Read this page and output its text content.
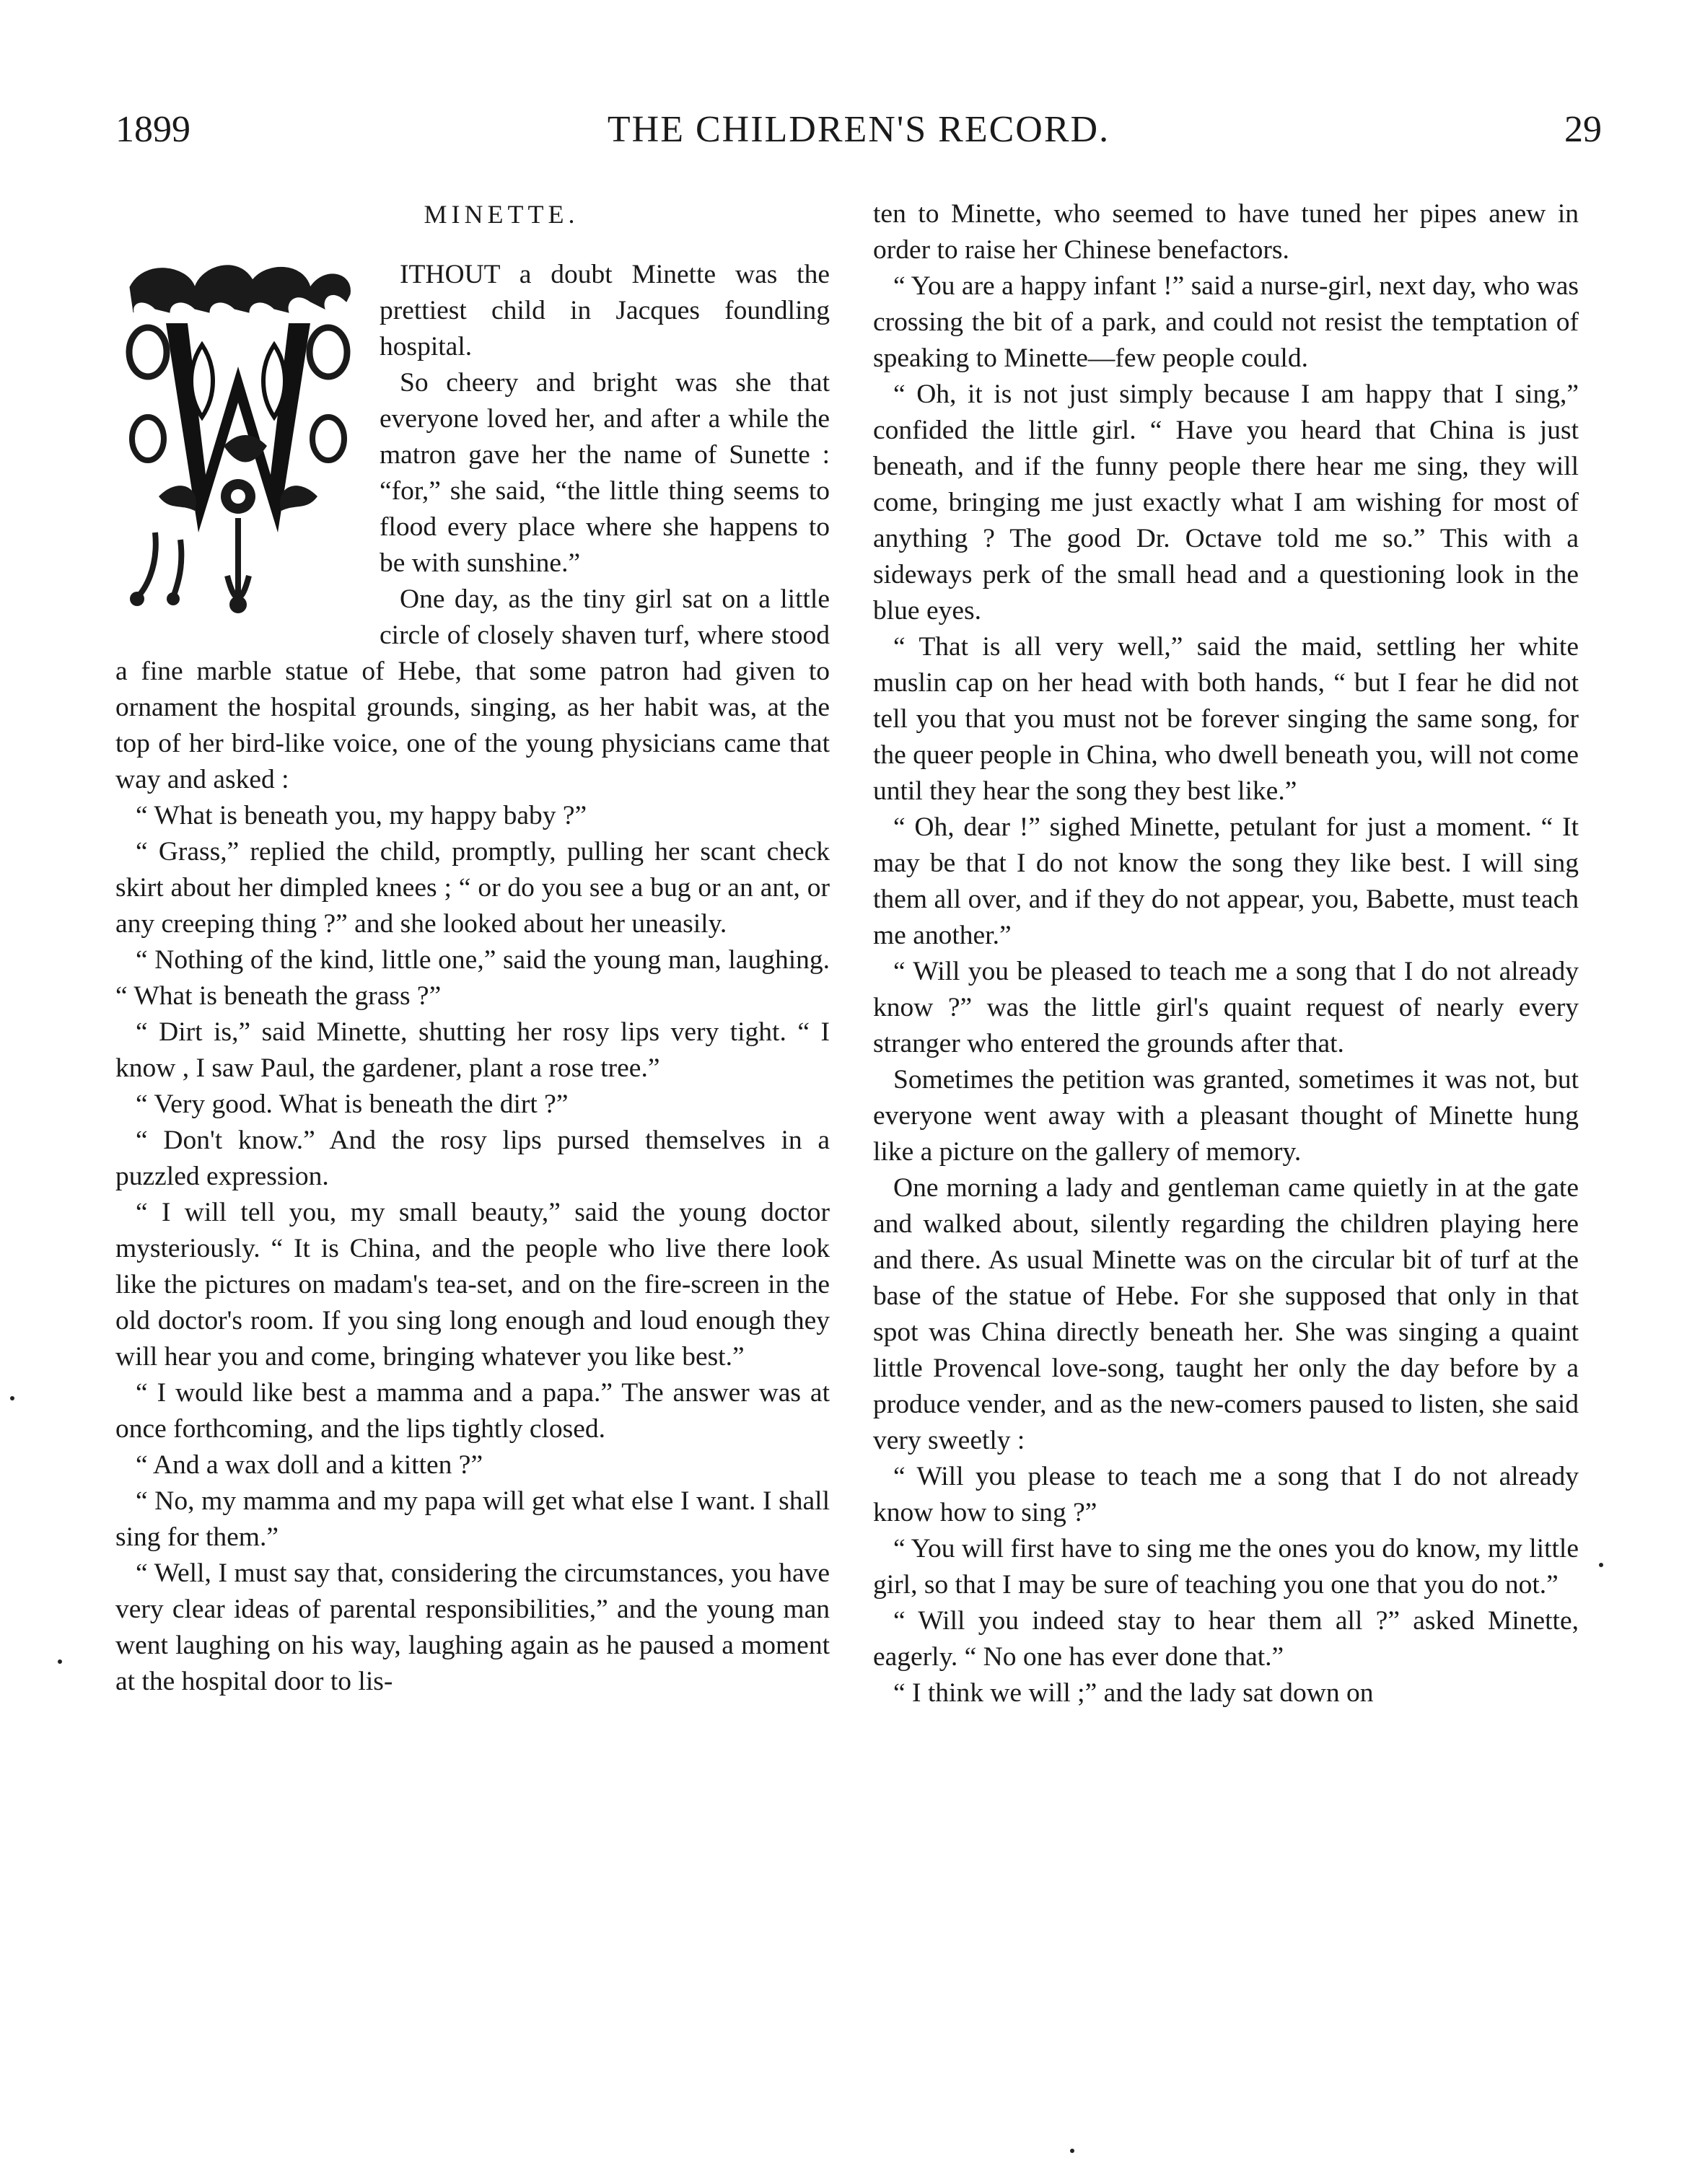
1899	THE CHILDREN'S RECORD.	29
MINETTE.

ITHOUT a doubt Minette was the prettiest child in Jacques foundling hospital.

So cheery and bright was she that everyone loved her, and after a while the matron gave her the name of Sunette : “for,” she said, “the little thing seems to flood every place where she happens to be with sunshine.”

One day, as the tiny girl sat on a little circle of closely shaven turf, where stood a fine marble statue of Hebe, that some patron had given to ornament the hospital grounds, singing, as her habit was, at the top of her bird-like voice, one of the young physicians came that way and asked :

“ What is beneath you, my happy baby ?”

“ Grass,” replied the child, promptly, pulling her scant check skirt about her dimpled knees ; “ or do you see a bug or an ant, or any creeping thing ?” and she looked about her uneasily.

“ Nothing of the kind, little one,” said the young man, laughing. “ What is beneath the grass ?”

“ Dirt is,” said Minette, shutting her rosy lips very tight. “ I know , I saw Paul, the gardener, plant a rose tree.”

“ Very good. What is beneath the dirt ?”

“ Don't know.” And the rosy lips pursed themselves in a puzzled expression.

“ I will tell you, my small beauty,” said the young doctor mysteriously. “ It is China, and the people who live there look like the pictures on madam's tea-set, and on the fire-screen in the old doctor's room. If you sing long enough and loud enough they will hear you and come, bringing whatever you like best.”

“ I would like best a mamma and a papa.” The answer was at once forthcoming, and the lips tightly closed.

“ And a wax doll and a kitten ?”

“ No, my mamma and my papa will get what else I want. I shall sing for them.”

“ Well, I must say that, considering the circumstances, you have very clear ideas of parental responsibilities,” and the young man went laughing on his way, laughing again as he paused a moment at the hospital door to lis-

ten to Minette, who seemed to have tuned her pipes anew in order to raise her Chinese benefactors.

“ You are a happy infant !” said a nurse-girl, next day, who was crossing the bit of a park, and could not resist the temptation of speaking to Minette—few people could.

“ Oh, it is not just simply because I am happy that I sing,” confided the little girl. “ Have you heard that China is just beneath, and if the funny people there hear me sing, they will come, bringing me just exactly what I am wishing for most of anything ? The good Dr. Octave told me so.” This with a sideways perk of the small head and a questioning look in the blue eyes.

“ That is all very well,” said the maid, settling her white muslin cap on her head with both hands, “ but I fear he did not tell you that you must not be forever singing the same song, for the queer people in China, who dwell beneath you, will not come until they hear the song they best like.”

“ Oh, dear !” sighed Minette, petulant for just a moment. “ It may be that I do not know the song they like best. I will sing them all over, and if they do not appear, you, Babette, must teach me another.”

“ Will you be pleased to teach me a song that I do not already know ?” was the little girl's quaint request of nearly every stranger who entered the grounds after that.

Sometimes the petition was granted, sometimes it was not, but everyone went away with a pleasant thought of Minette hung like a picture on the gallery of memory.

One morning a lady and gentleman came quietly in at the gate and walked about, silently regarding the children playing here and there. As usual Minette was on the circular bit of turf at the base of the statue of Hebe. For she supposed that only in that spot was China directly beneath her. She was singing a quaint little Provencal love-song, taught her only the day before by a produce vender, and as the new-comers paused to listen, she said very sweetly :

“ Will you please to teach me a song that I do not already know how to sing ?”

“ You will first have to sing me the ones you do know, my little girl, so that I may be sure of teaching you one that you do not.”

“ Will you indeed stay to hear them all ?” asked Minette, eagerly. “ No one has ever done that.”

“ I think we will ;” and the lady sat down on
